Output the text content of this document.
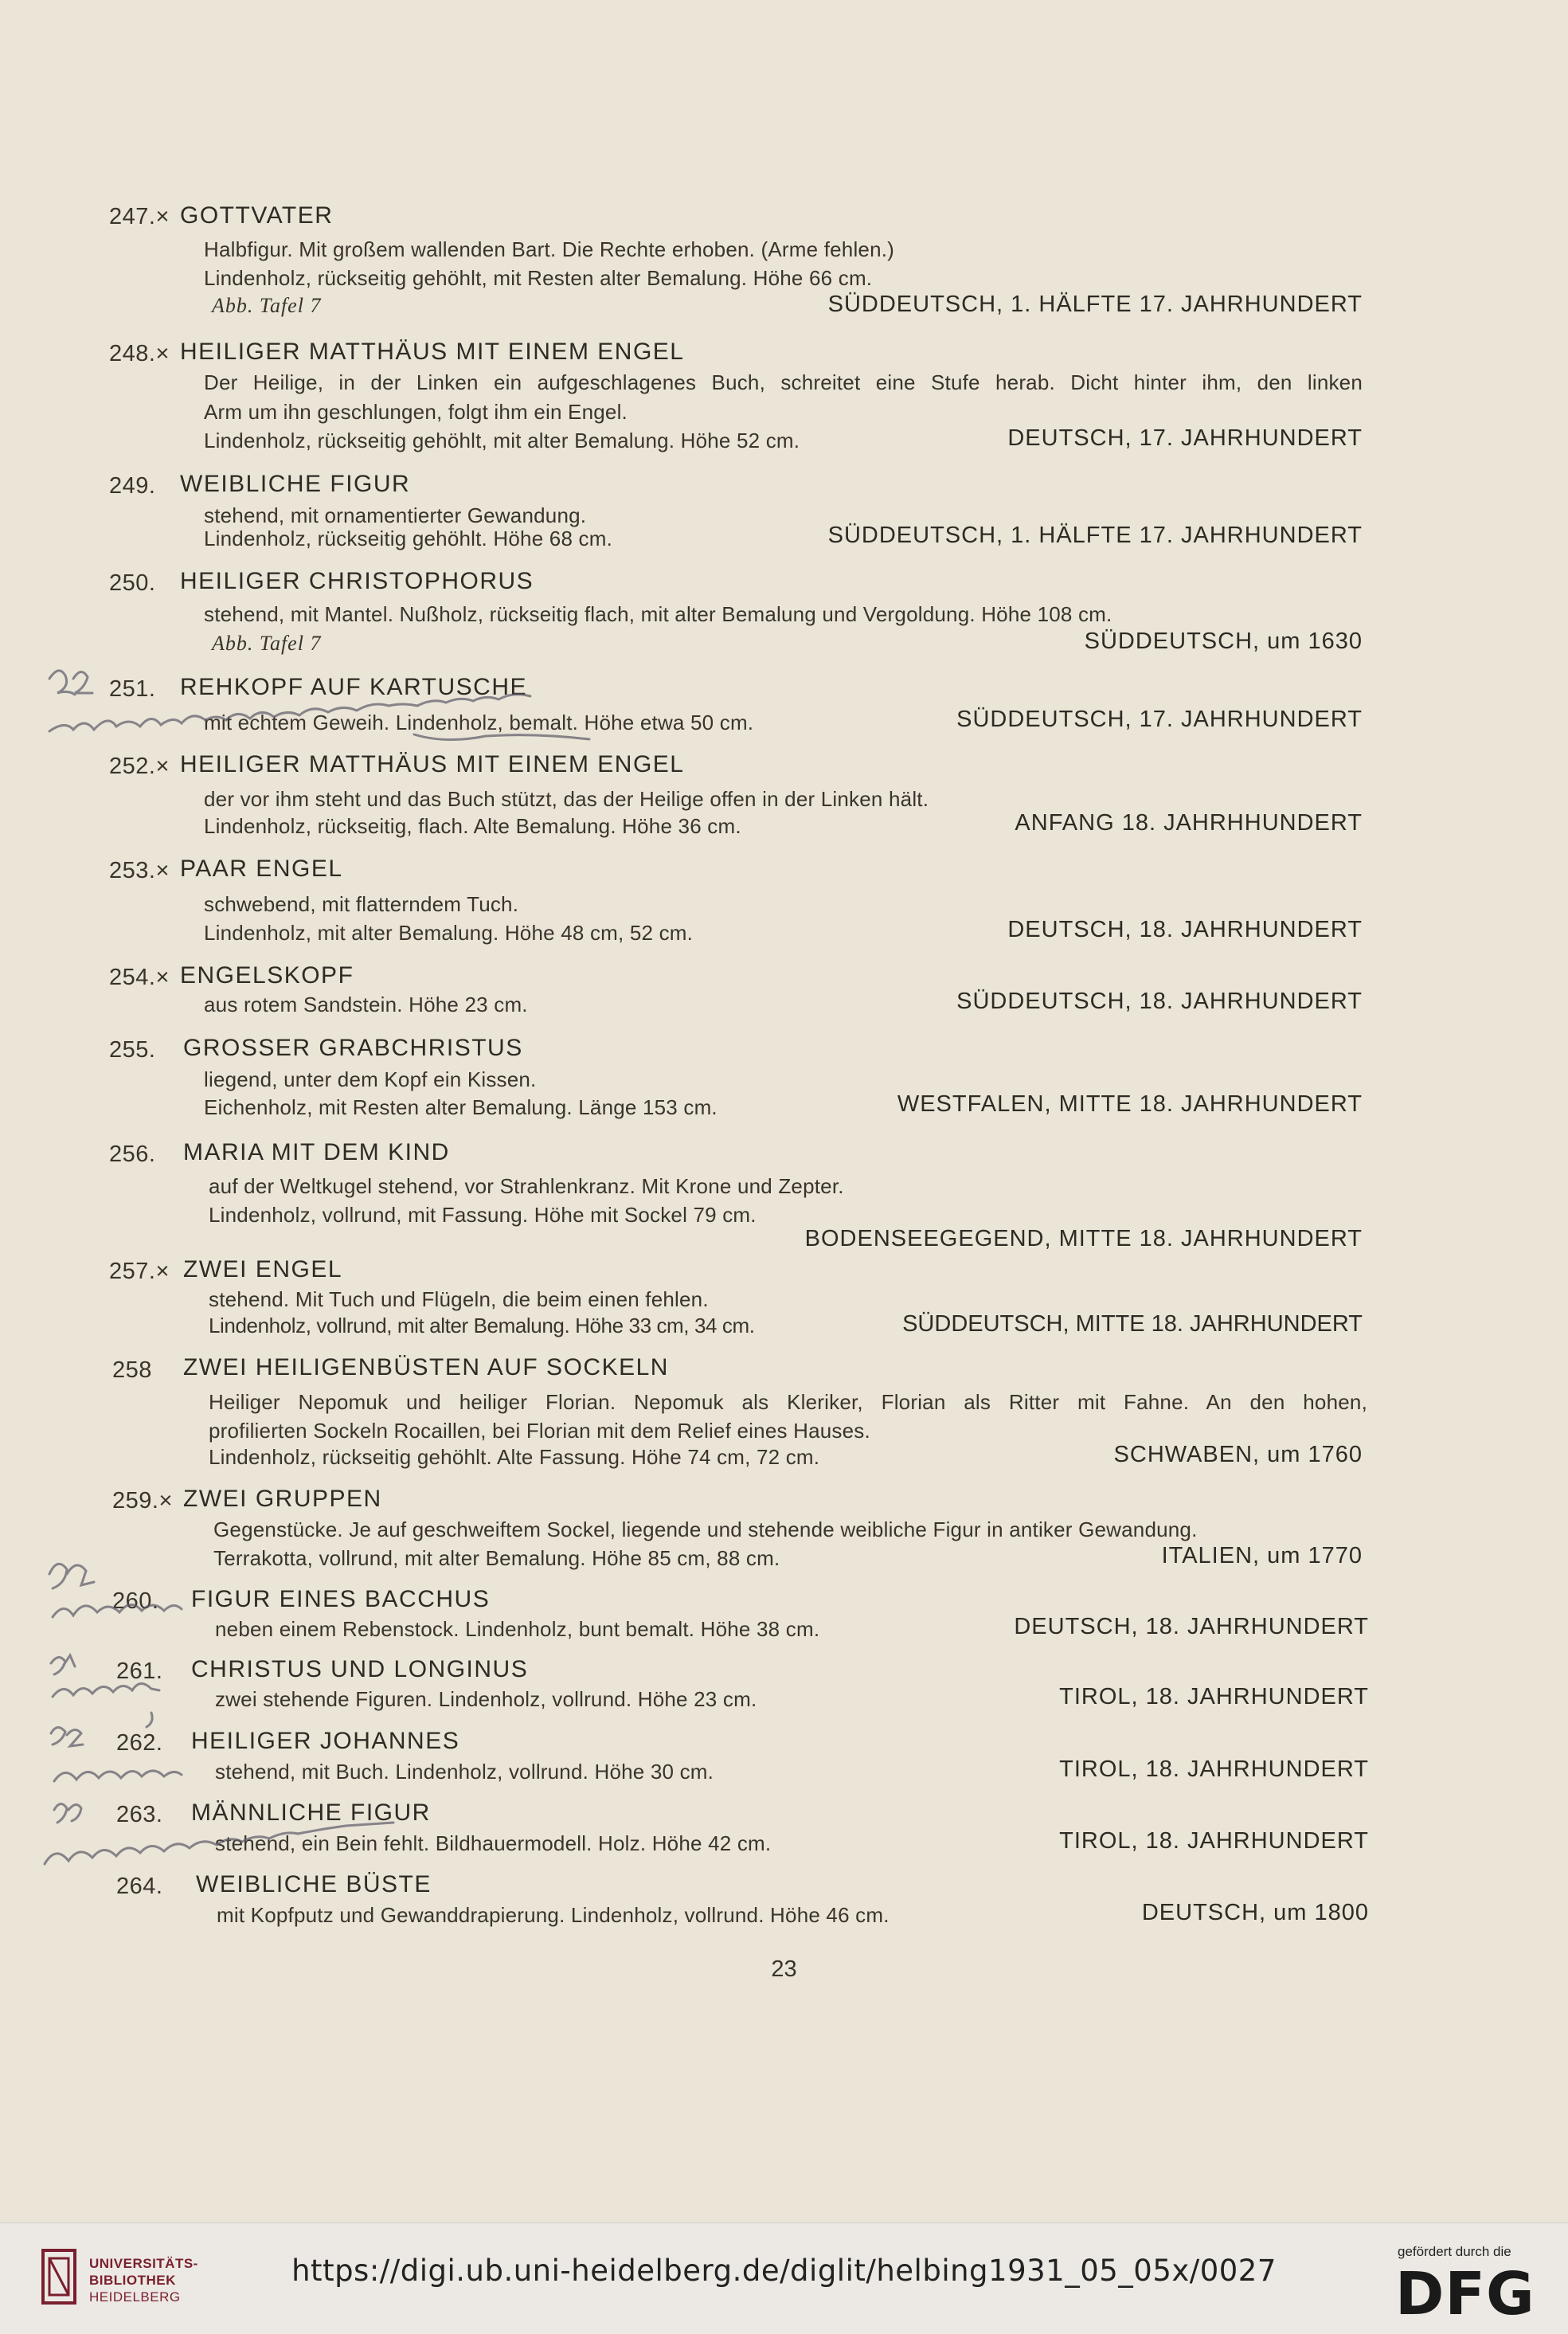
247.× GOTTVATER
Halbfigur. Mit großem wallenden Bart. Die Rechte erhoben. (Arme fehlen.)
Lindenholz, rückseitig gehöhlt, mit Resten alter Bemalung. Höhe 66 cm.
Abb. Tafel 7	SÜDDEUTSCH, 1. HÄLFTE 17. JAHRHUNDERT
248.× HEILIGER MATTHÄUS MIT EINEM ENGEL
Der Heilige, in der Linken ein aufgeschlagenes Buch, schreitet eine Stufe herab. Dicht hinter ihm, den linken
Arm um ihn geschlungen, folgt ihm ein Engel.
Lindenholz, rückseitig gehöhlt, mit alter Bemalung. Höhe 52 cm.	DEUTSCH, 17. JAHRHUNDERT
249. WEIBLICHE FIGUR
stehend, mit ornamentierter Gewandung.
Lindenholz, rückseitig gehöhlt. Höhe 68 cm.	SÜDDEUTSCH, 1. HÄLFTE 17. JAHRHUNDERT
250. HEILIGER CHRISTOPHORUS
stehend, mit Mantel. Nußholz, rückseitig flach, mit alter Bemalung und Vergoldung. Höhe 108 cm.
Abb. Tafel 7	SÜDDEUTSCH, um 1630
251. REHKOPF AUF KARTUSCHE
mit echtem Geweih. Lindenholz, bemalt. Höhe etwa 50 cm.	SÜDDEUTSCH, 17. JAHRHUNDERT
252.× HEILIGER MATTHÄUS MIT EINEM ENGEL
der vor ihm steht und das Buch stützt, das der Heilige offen in der Linken hält.
Lindenholz, rückseitig, flach. Alte Bemalung. Höhe 36 cm.	ANFANG 18. JAHRHHUNDERT
253.× PAAR ENGEL
schwebend, mit flatterndem Tuch.
Lindenholz, mit alter Bemalung. Höhe 48 cm, 52 cm.	DEUTSCH, 18. JAHRHUNDERT
254.× ENGELSKOPF
aus rotem Sandstein. Höhe 23 cm.	SÜDDEUTSCH, 18. JAHRHUNDERT
255. GROSSER GRABCHRISTUS
liegend, unter dem Kopf ein Kissen.
Eichenholz, mit Resten alter Bemalung. Länge 153 cm.	WESTFALEN, MITTE 18. JAHRHUNDERT
256. MARIA MIT DEM KIND
auf der Weltkugel stehend, vor Strahlenkranz. Mit Krone und Zepter.
Lindenholz, vollrund, mit Fassung. Höhe mit Sockel 79 cm.
BODENSEEGEGEND, MITTE 18. JAHRHUNDERT
257.× ZWEI ENGEL
stehend. Mit Tuch und Flügeln, die beim einen fehlen.
Lindenholz, vollrund, mit alter Bemalung. Höhe 33 cm, 34 cm.	SÜDDEUTSCH, MITTE 18. JAHRHUNDERT
258 ZWEI HEILIGENBÜSTEN AUF SOCKELN
Heiliger Nepomuk und heiliger Florian. Nepomuk als Kleriker, Florian als Ritter mit Fahne. An den hohen,
profilierten Sockeln Rocaillen, bei Florian mit dem Relief eines Hauses.
Lindenholz, rückseitig gehöhlt. Alte Fassung. Höhe 74 cm, 72 cm.	SCHWABEN, um 1760
259.× ZWEI GRUPPEN
Gegenstücke. Je auf geschweiftem Sockel, liegende und stehende weibliche Figur in antiker Gewandung.
Terrakotta, vollrund, mit alter Bemalung. Höhe 85 cm, 88 cm.	ITALIEN, um 1770
260. FIGUR EINES BACCHUS
neben einem Rebenstock. Lindenholz, bunt bemalt. Höhe 38 cm.	DEUTSCH, 18. JAHRHUNDERT
261. CHRISTUS UND LONGINUS
zwei stehende Figuren. Lindenholz, vollrund. Höhe 23 cm.	TIROL, 18. JAHRHUNDERT
262. HEILIGER JOHANNES
stehend, mit Buch. Lindenholz, vollrund. Höhe 30 cm.	TIROL, 18. JAHRHUNDERT
263. MÄNNLICHE FIGUR
stehend, ein Bein fehlt. Bildhauermodell. Holz. Höhe 42 cm.	TIROL, 18. JAHRHUNDERT
264. WEIBLICHE BÜSTE
mit Kopfputz und Gewanddrapierung. Lindenholz, vollrund. Höhe 46 cm.	DEUTSCH, um 1800
23
UNIVERSITÄTS-
BIBLIOTHEK
HEIDELBERG
https://digi.ub.uni-heidelberg.de/diglit/helbing1931_05_05x/0027
gefördert durch die
DFG
